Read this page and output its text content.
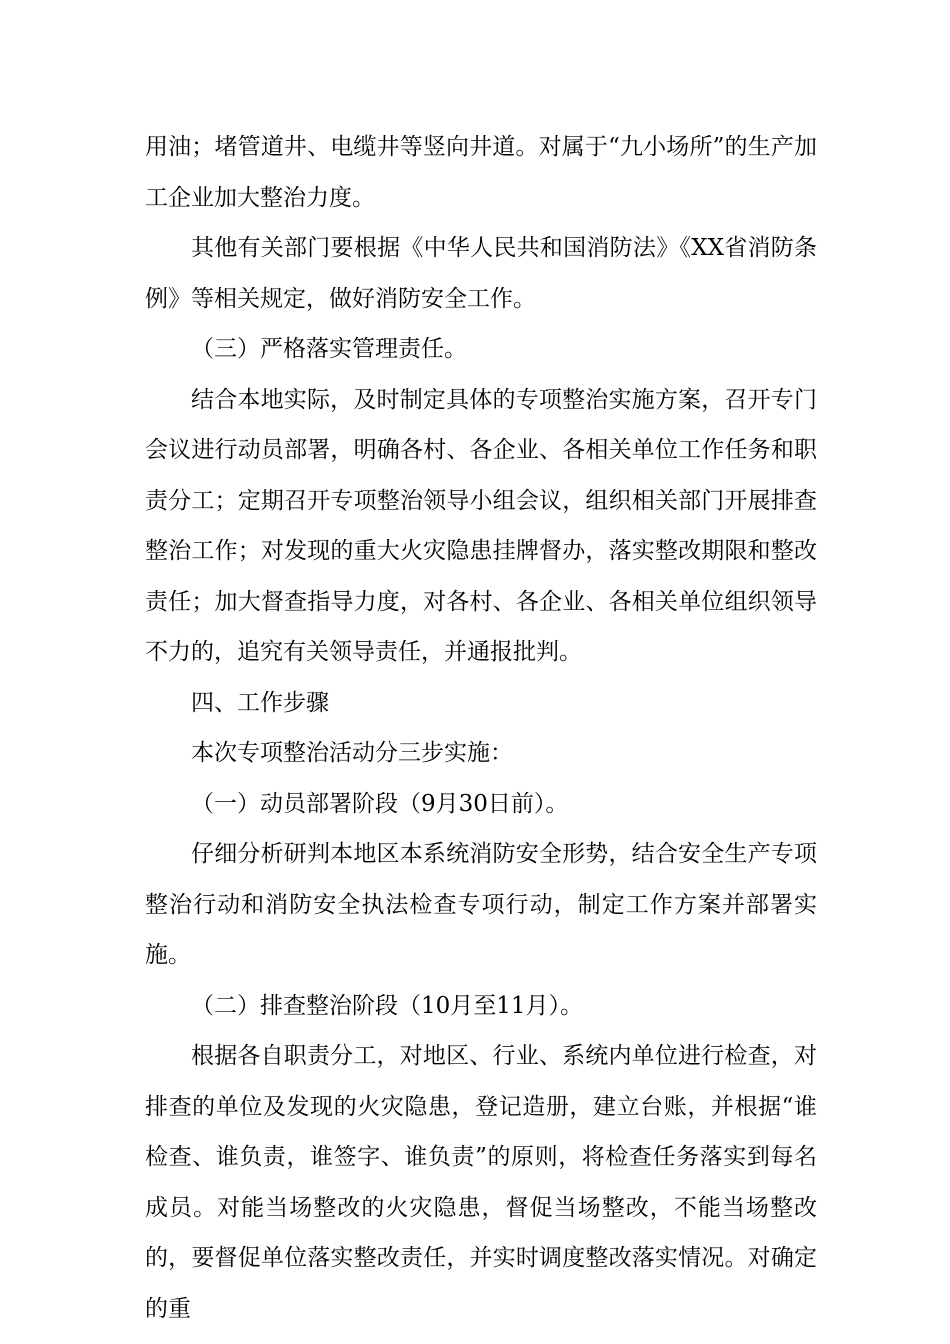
用油；堵管道井、电缆井等竖向井道。对属于“九小场所”的生产加工企业加大整治力度。

其他有关部门要根据《中华人民共和国消防法》《XX省消防条例》等相关规定，做好消防安全工作。

（三）严格落实管理责任。

结合本地实际，及时制定具体的专项整治实施方案，召开专门会议进行动员部署，明确各村、各企业、各相关单位工作任务和职责分工；定期召开专项整治领导小组会议，组织相关部门开展排查整治工作；对发现的重大火灾隐患挂牌督办，落实整改期限和整改责任；加大督查指导力度，对各村、各企业、各相关单位组织领导不力的，追究有关领导责任，并通报批判。

四、工作步骤

本次专项整治活动分三步实施：

（一）动员部署阶段（9月30日前）。

仔细分析研判本地区本系统消防安全形势，结合安全生产专项整治行动和消防安全执法检查专项行动，制定工作方案并部署实施。

（二）排查整治阶段（10月至11月）。

根据各自职责分工，对地区、行业、系统内单位进行检查，对排查的单位及发现的火灾隐患，登记造册，建立台账，并根据“谁检查、谁负责，谁签字、谁负责”的原则，将检查任务落实到每名成员。对能当场整改的火灾隐患，督促当场整改，不能当场整改的，要督促单位落实整改责任，并实时调度整改落实情况。对确定的重
